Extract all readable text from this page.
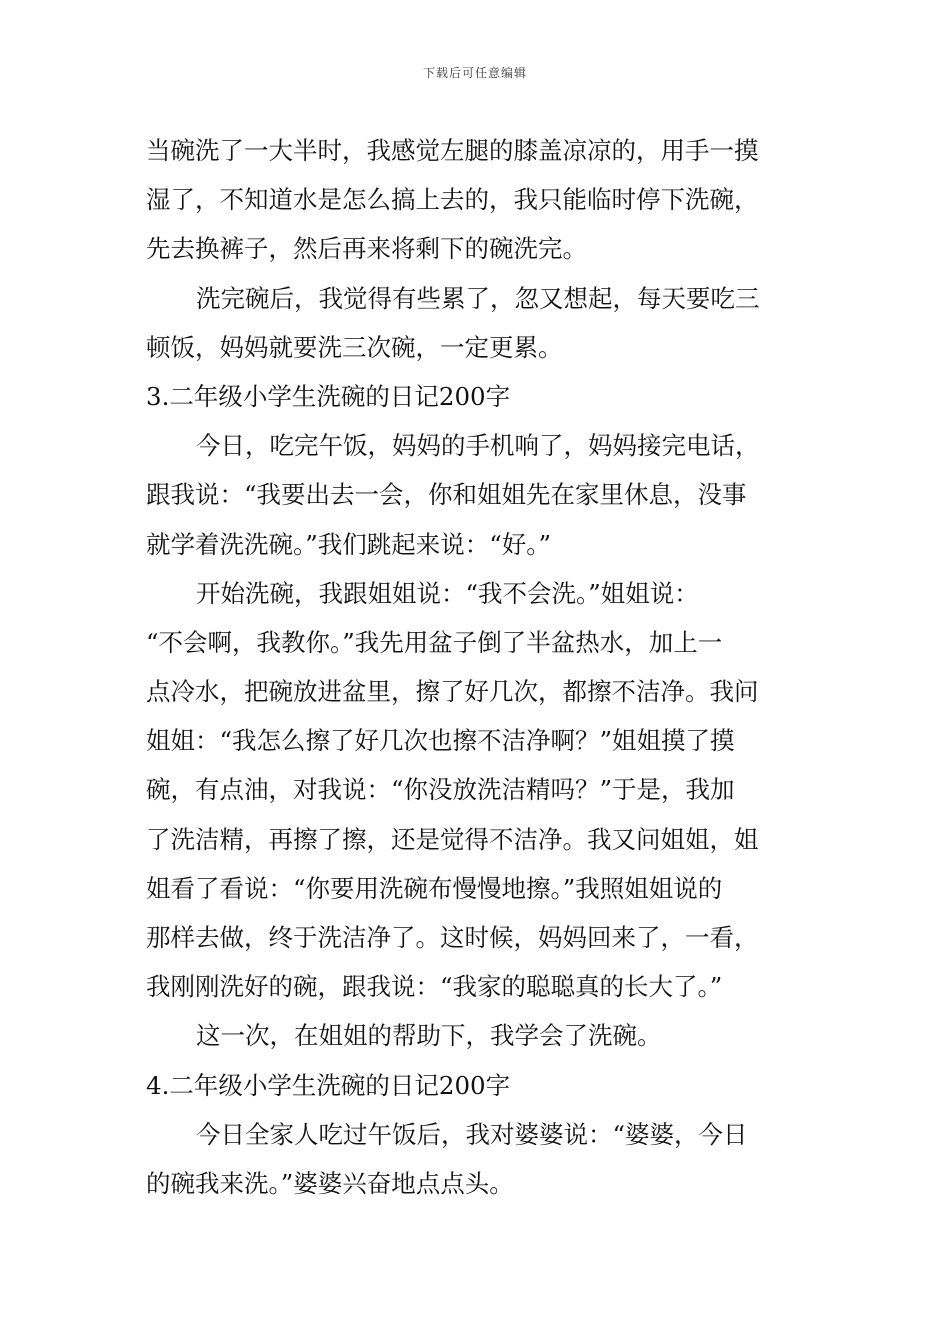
下载后可任意编辑
当碗洗了一大半时，我感觉左腿的膝盖凉凉的，用手一摸
湿了，不知道水是怎么搞上去的，我只能临时停下洗碗，
先去换裤子，然后再来将剩下的碗洗完。
洗完碗后，我觉得有些累了，忽又想起，每天要吃三
顿饭，妈妈就要洗三次碗，一定更累。
3.二年级小学生洗碗的日记200字
今日，吃完午饭，妈妈的手机响了，妈妈接完电话，
跟我说：“我要出去一会，你和姐姐先在家里休息，没事
就学着洗洗碗。”我们跳起来说：“好。”
开始洗碗，我跟姐姐说：“我不会洗。”姐姐说：
“不会啊，我教你。”我先用盆子倒了半盆热水，加上一
点冷水，把碗放进盆里，擦了好几次，都擦不洁净。我问
姐姐：“我怎么擦了好几次也擦不洁净啊？”姐姐摸了摸
碗，有点油，对我说：“你没放洗洁精吗？”于是，我加
了洗洁精，再擦了擦，还是觉得不洁净。我又问姐姐，姐
姐看了看说：“你要用洗碗布慢慢地擦。”我照姐姐说的
那样去做，终于洗洁净了。这时候，妈妈回来了，一看，
我刚刚洗好的碗，跟我说：“我家的聪聪真的长大了。”
这一次，在姐姐的帮助下，我学会了洗碗。
4.二年级小学生洗碗的日记200字
今日全家人吃过午饭后，我对婆婆说：“婆婆，今日
的碗我来洗。”婆婆兴奋地点点头。
